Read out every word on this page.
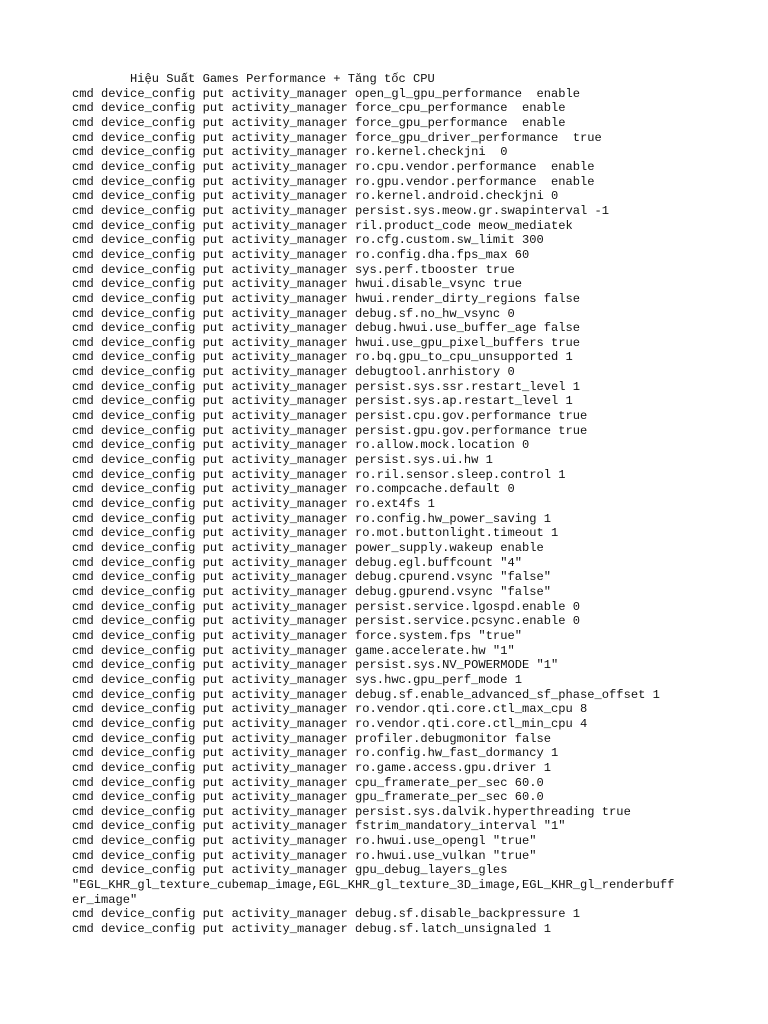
Hiệu Suất Games Performance + Tăng tốc CPU
cmd device_config put activity_manager open_gl_gpu_performance  enable
cmd device_config put activity_manager force_cpu_performance  enable
cmd device_config put activity_manager force_gpu_performance  enable
cmd device_config put activity_manager force_gpu_driver_performance  true
cmd device_config put activity_manager ro.kernel.checkjni  0
cmd device_config put activity_manager ro.cpu.vendor.performance  enable
cmd device_config put activity_manager ro.gpu.vendor.performance  enable
cmd device_config put activity_manager ro.kernel.android.checkjni 0
cmd device_config put activity_manager persist.sys.meow.gr.swapinterval -1
cmd device_config put activity_manager ril.product_code meow_mediatek
cmd device_config put activity_manager ro.cfg.custom.sw_limit 300
cmd device_config put activity_manager ro.config.dha.fps_max 60
cmd device_config put activity_manager sys.perf.tbooster true
cmd device_config put activity_manager hwui.disable_vsync true
cmd device_config put activity_manager hwui.render_dirty_regions false
cmd device_config put activity_manager debug.sf.no_hw_vsync 0
cmd device_config put activity_manager debug.hwui.use_buffer_age false
cmd device_config put activity_manager hwui.use_gpu_pixel_buffers true
cmd device_config put activity_manager ro.bq.gpu_to_cpu_unsupported 1
cmd device_config put activity_manager debugtool.anrhistory 0
cmd device_config put activity_manager persist.sys.ssr.restart_level 1
cmd device_config put activity_manager persist.sys.ap.restart_level 1
cmd device_config put activity_manager persist.cpu.gov.performance true
cmd device_config put activity_manager persist.gpu.gov.performance true
cmd device_config put activity_manager ro.allow.mock.location 0
cmd device_config put activity_manager persist.sys.ui.hw 1
cmd device_config put activity_manager ro.ril.sensor.sleep.control 1
cmd device_config put activity_manager ro.compcache.default 0
cmd device_config put activity_manager ro.ext4fs 1
cmd device_config put activity_manager ro.config.hw_power_saving 1
cmd device_config put activity_manager ro.mot.buttonlight.timeout 1
cmd device_config put activity_manager power_supply.wakeup enable
cmd device_config put activity_manager debug.egl.buffcount "4"
cmd device_config put activity_manager debug.cpurend.vsync "false"
cmd device_config put activity_manager debug.gpurend.vsync "false"
cmd device_config put activity_manager persist.service.lgospd.enable 0
cmd device_config put activity_manager persist.service.pcsync.enable 0
cmd device_config put activity_manager force.system.fps "true"
cmd device_config put activity_manager game.accelerate.hw "1"
cmd device_config put activity_manager persist.sys.NV_POWERMODE "1"
cmd device_config put activity_manager sys.hwc.gpu_perf_mode 1
cmd device_config put activity_manager debug.sf.enable_advanced_sf_phase_offset 1
cmd device_config put activity_manager ro.vendor.qti.core.ctl_max_cpu 8
cmd device_config put activity_manager ro.vendor.qti.core.ctl_min_cpu 4
cmd device_config put activity_manager profiler.debugmonitor false
cmd device_config put activity_manager ro.config.hw_fast_dormancy 1
cmd device_config put activity_manager ro.game.access.gpu.driver 1
cmd device_config put activity_manager cpu_framerate_per_sec 60.0
cmd device_config put activity_manager gpu_framerate_per_sec 60.0
cmd device_config put activity_manager persist.sys.dalvik.hyperthreading true
cmd device_config put activity_manager fstrim_mandatory_interval "1"
cmd device_config put activity_manager ro.hwui.use_opengl "true"
cmd device_config put activity_manager ro.hwui.use_vulkan "true"
cmd device_config put activity_manager gpu_debug_layers_gles
"EGL_KHR_gl_texture_cubemap_image,EGL_KHR_gl_texture_3D_image,EGL_KHR_gl_renderbuff
er_image"
cmd device_config put activity_manager debug.sf.disable_backpressure 1
cmd device_config put activity_manager debug.sf.latch_unsignaled 1
